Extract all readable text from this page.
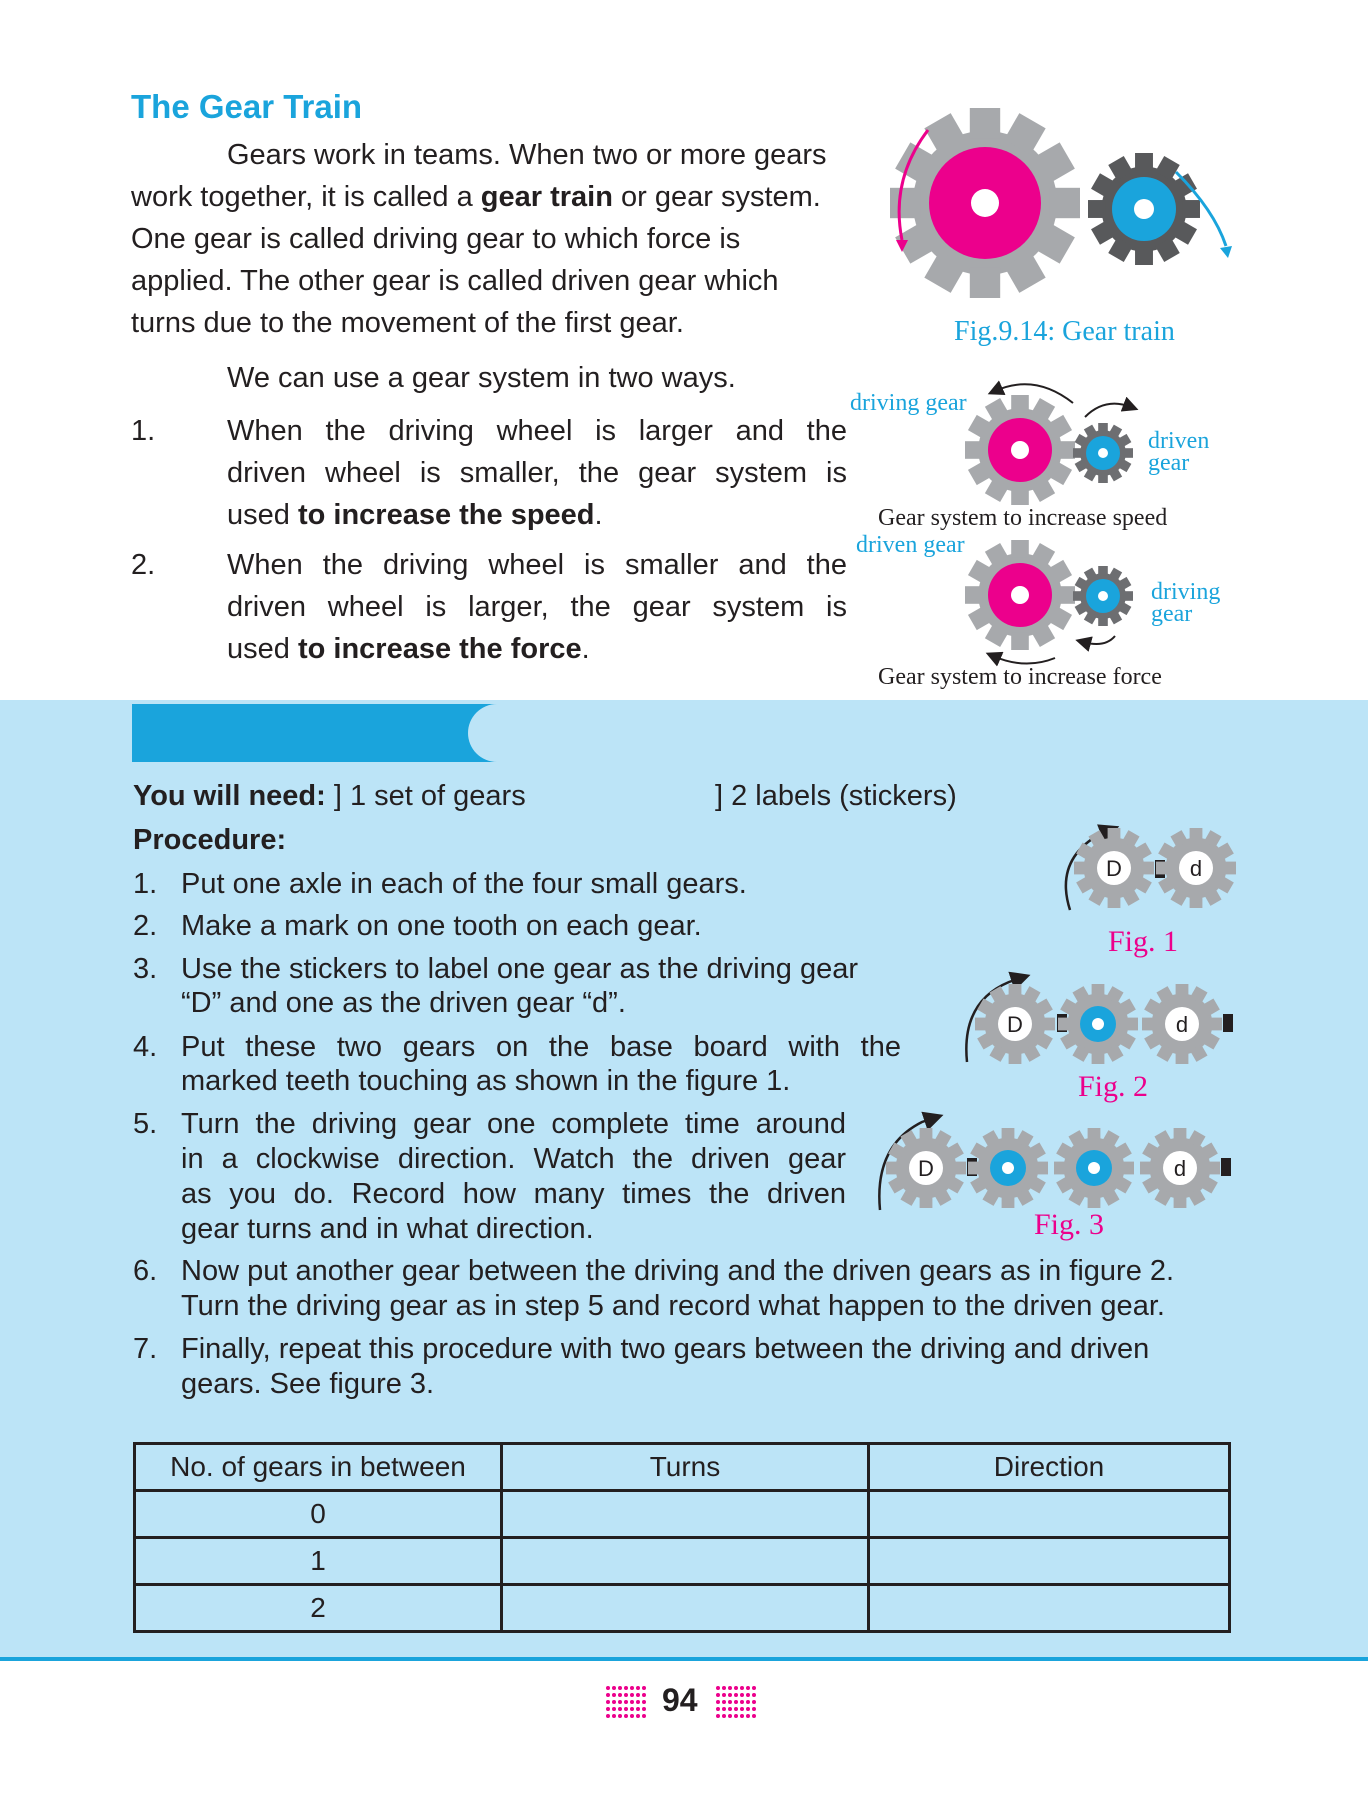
The Gear Train
Gears work in teams. When two or more gears
work together, it is called a gear train or gear system.
One gear is called driving gear to which force is
applied. The other gear is called driven gear which
turns due to the movement of the first gear.
We can use a gear system in two ways.
1. When the driving wheel is larger and the
driven wheel is smaller, the gear system is
used to increase the speed.
2. When the driving wheel is smaller and the
driven wheel is larger, the gear system is
used to increase the force.
Fig.9.14: Gear train
driving gear
driven
gear
Gear system to increase speed
driven gear
driving
gear
Gear system to increase force
You will need: ] 1 set of gears	] 2 labels (stickers)
Procedure:
1. Put one axle in each of the four small gears.
2. Make a mark on one tooth on each gear.
3. Use the stickers to label one gear as the driving gear
“D” and one as the driven gear “d”.
4. Put these two gears on the base board with the
marked teeth touching as shown in the figure 1.
5. Turn the driving gear one complete time around
in a clockwise direction. Watch the driven gear
as you do. Record how many times the driven
gear turns and in what direction.
6. Now put another gear between the driving and the driven gears as in figure 2.
Turn the driving gear as in step 5 and record what happen to the driven gear.
7. Finally, repeat this procedure with two gears between the driving and driven
gears. See figure 3.
D	d
Fig. 1
D	d
Fig. 2
D	d
Fig. 3
No. of gears in between	Turns	Direction
0		
1		
2		
94
